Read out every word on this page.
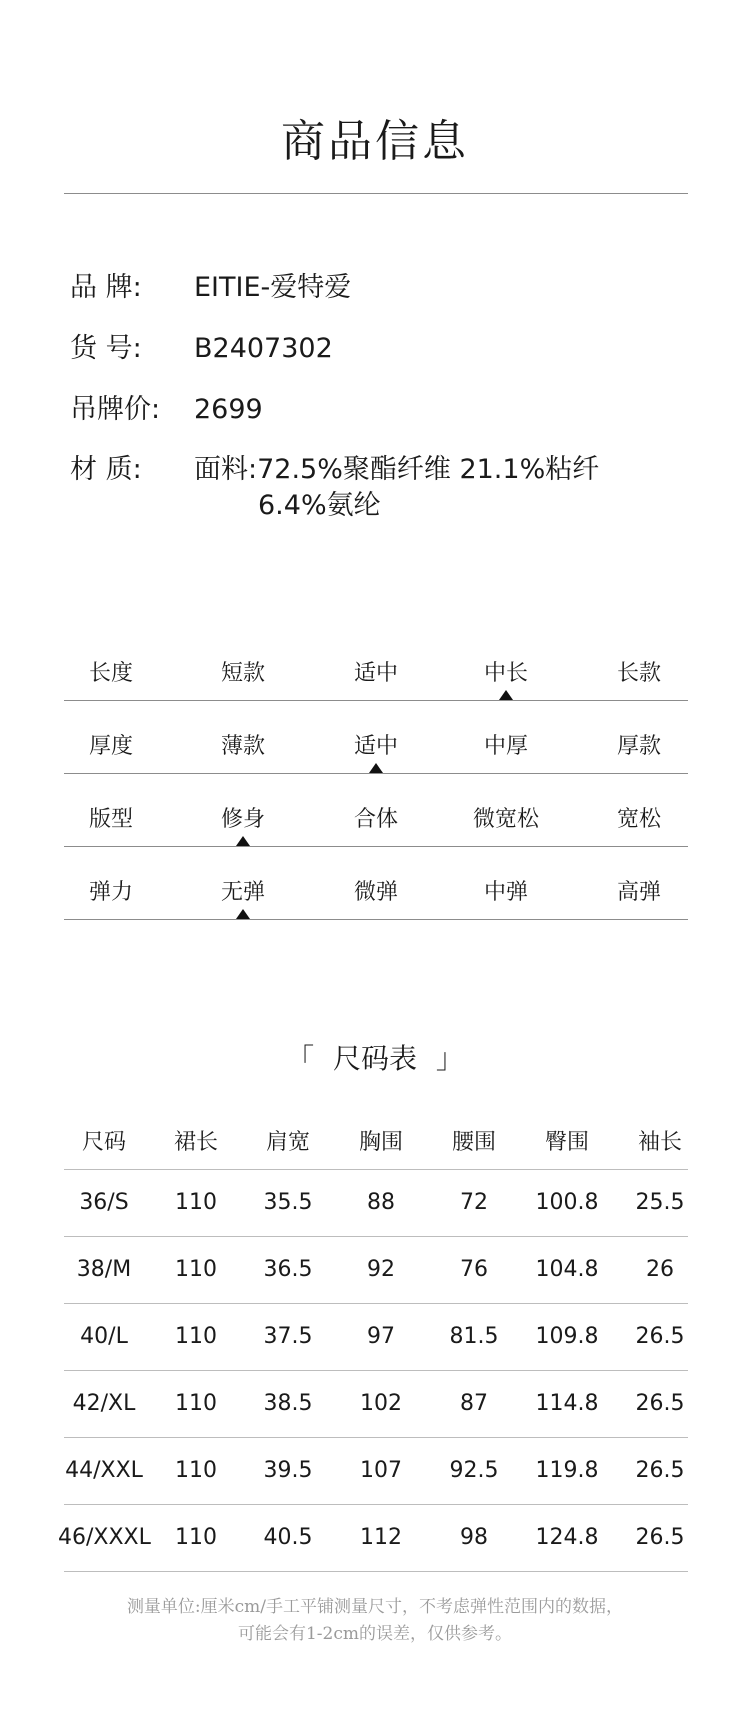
商品信息
品 牌:	EITIE-爱特爱
货 号:	B2407302
吊牌价:	2699
材 质:	面料:72.5%聚酯纤维 21.1%粘纤
6.4%氨纶
长度	短款	适中	中长	长款
厚度	薄款	适中	中厚	厚款
版型	修身	合体	微宽松	宽松
弹力	无弹	微弹	中弹	高弹
「 尺码表 」
尺码	裙长	肩宽	胸围	腰围	臀围	袖长
36/S	110	35.5	88	72	100.8	25.5
38/M	110	36.5	92	76	104.8	26
40/L	110	37.5	97	81.5	109.8	26.5
42/XL	110	38.5	102	87	114.8	26.5
44/XXL	110	39.5	107	92.5	119.8	26.5
46/XXXL	110	40.5	112	98	124.8	26.5
测量单位:厘米cm/手工平铺测量尺寸，不考虑弹性范围内的数据，
可能会有1-2cm的误差，仅供参考。
